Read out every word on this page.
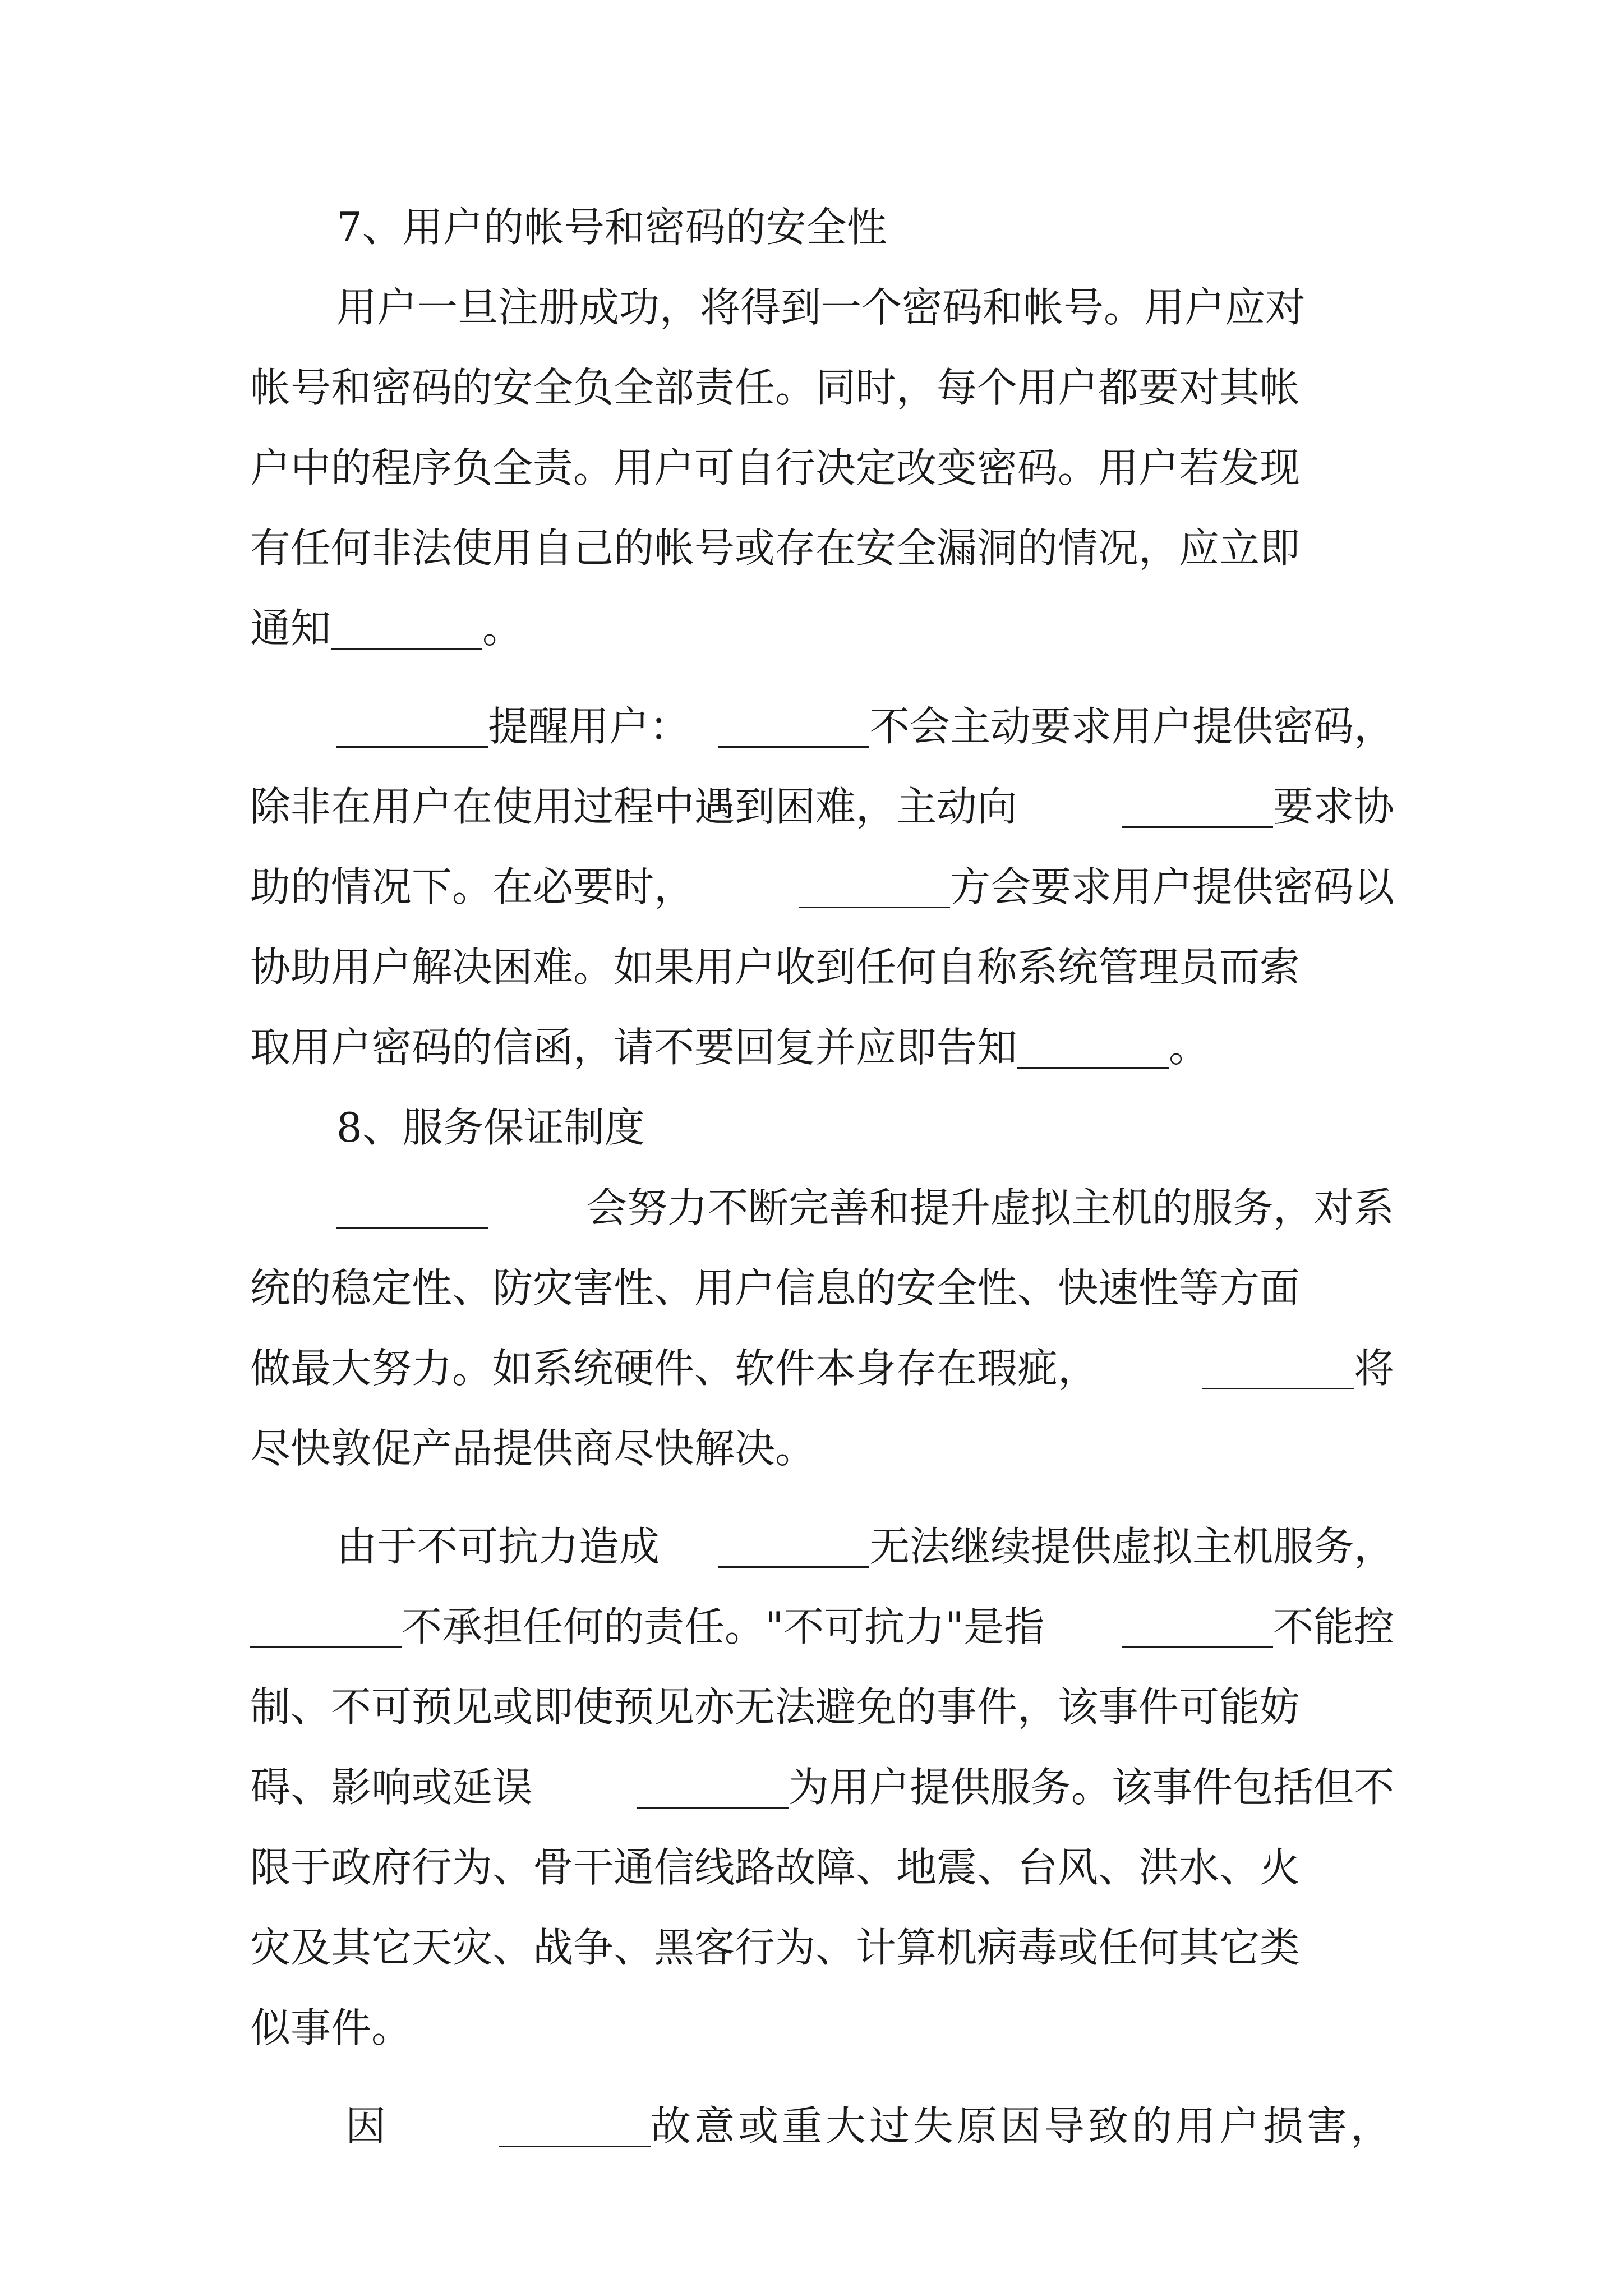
7、用户的帐号和密码的安全性
用户一旦注册成功，将得到一个密码和帐号。用户应对
帐号和密码的安全负全部责任。同时，每个用户都要对其帐
户中的程序负全责。用户可自行决定改变密码。用户若发现
有任何非法使用自己的帐号或存在安全漏洞的情况，应立即
通知	。
提醒用户：	不会主动要求用户提供密码，
除非在用户在使用过程中遇到困难，主动向	要求协
助的情况下。在必要时，	方会要求用户提供密码以
协助用户解决困难。如果用户收到任何自称系统管理员而索
取用户密码的信函，请不要回复并应即告知	。
8、服务保证制度
会努力不断完善和提升虚拟主机的服务，对系
统的稳定性、防灾害性、用户信息的安全性、快速性等方面
做最大努力。如系统硬件、软件本身存在瑕疵，	将
尽快敦促产品提供商尽快解决。
由于不可抗力造成	无法继续提供虚拟主机服务，
不承担任何的责任。"不可抗力"是指	不能控
制、不可预见或即使预见亦无法避免的事件，该事件可能妨
碍、影响或延误	为用户提供服务。该事件包括但不
限于政府行为、骨干通信线路故障、地震、台风、洪水、火
灾及其它天灾、战争、黑客行为、计算机病毒或任何其它类
似事件。
因	故意或重大过失原因导致的用户损害，
